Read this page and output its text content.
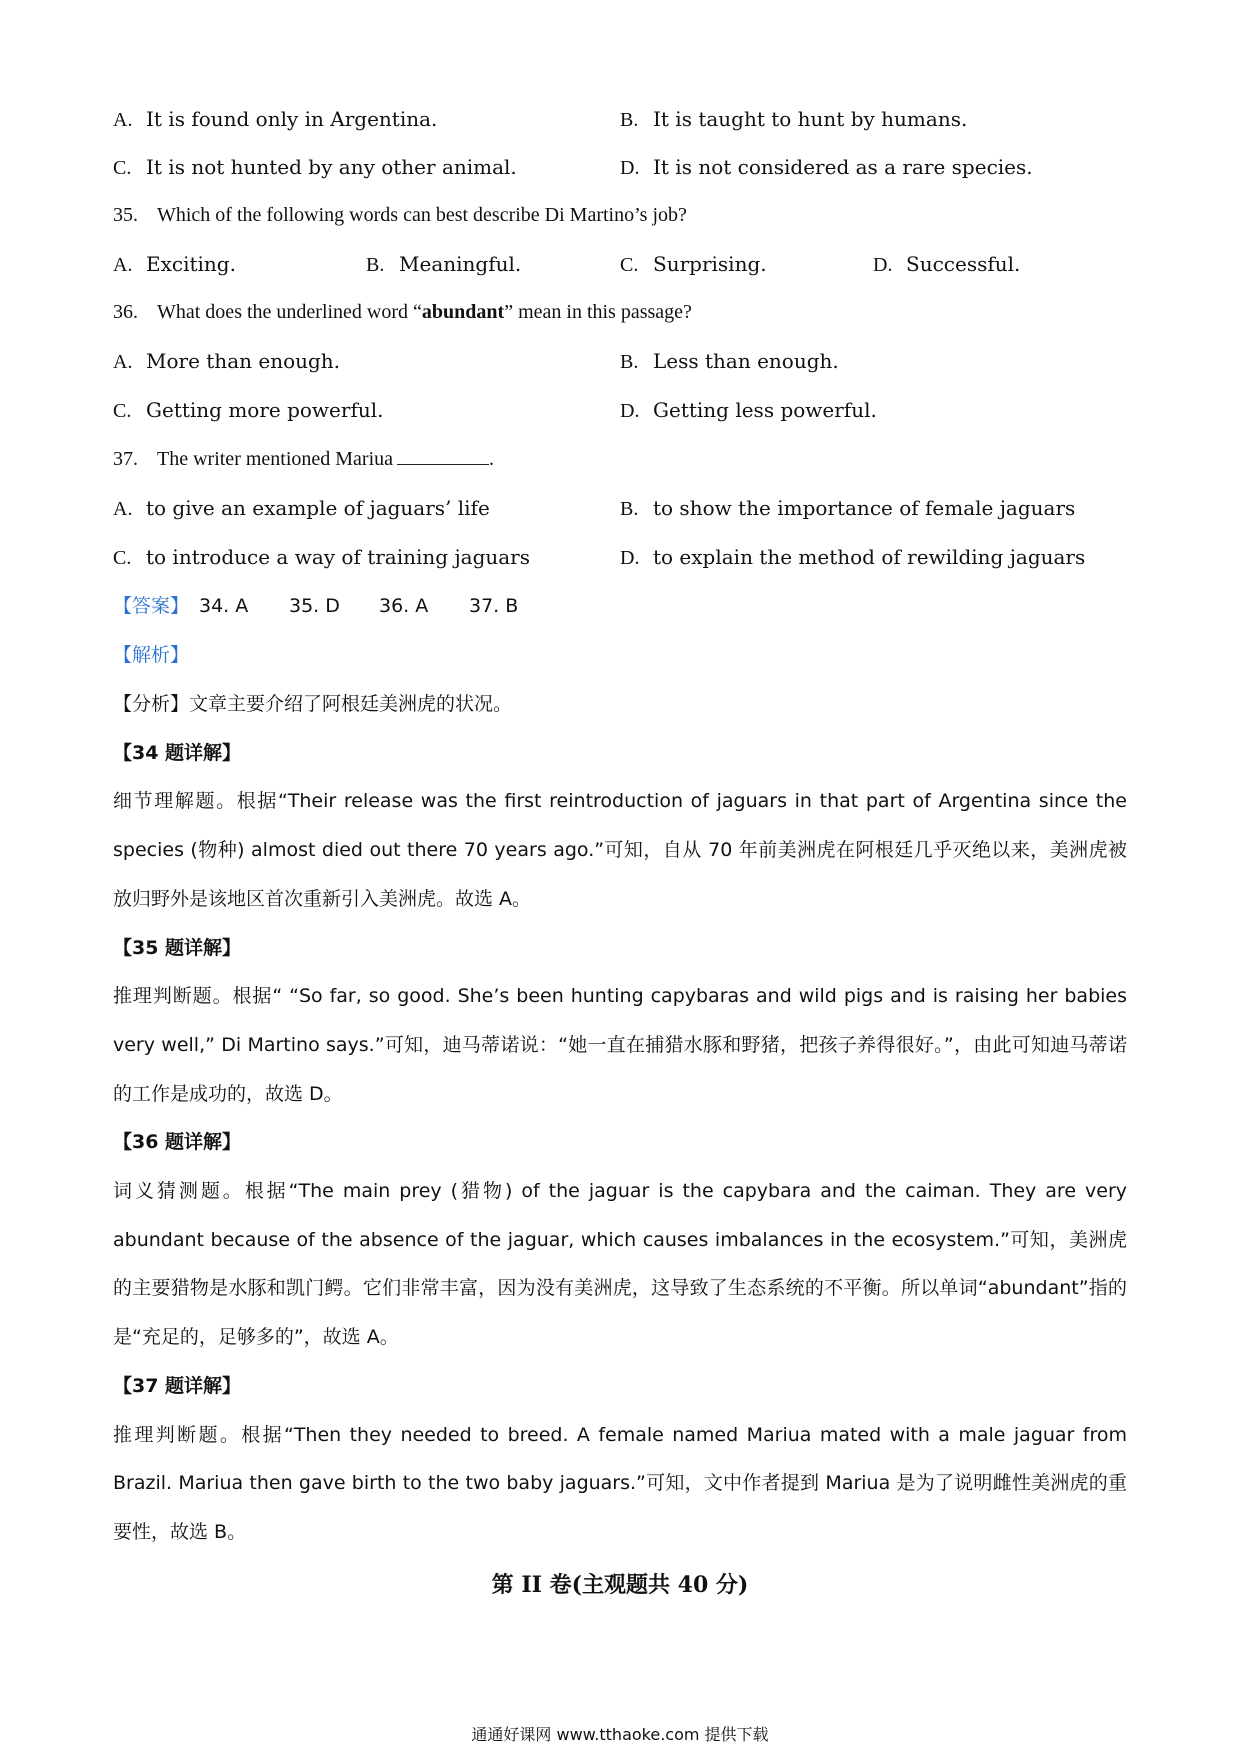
A. It is found only in Argentina.	B. It is taught to hunt by humans.
C. It is not hunted by any other animal.	D. It is not considered as a rare species.
35. Which of the following words can best describe Di Martino’s job?
A. Exciting.	B. Meaningful.	C. Surprising.	D. Successful.
36. What does the underlined word “abundant” mean in this passage?
A. More than enough.	B. Less than enough.
C. Getting more powerful.	D. Getting less powerful.
37. The writer mentioned Mariua	.
A. to give an example of jaguars’ life	B. to show the importance of female jaguars
C. to introduce a way of training jaguars	D. to explain the method of rewilding jaguars
【答案】 34. A 35. D 36. A 37. B
【解析】
【分析】文章主要介绍了阿根廷美洲虎的状况。
【34 题详解】
细节理解题。根据“Their release was the first reintroduction of jaguars in that part of Argentina since the species (物种) almost died out there 70 years ago.”可知，自从 70 年前美洲虎在阿根廷几乎灭绝以来，美洲虎被放归野外是该地区首次重新引入美洲虎。故选 A。
【35 题详解】
推理判断题。根据“ “So far, so good. She’s been hunting capybaras and wild pigs and is raising her babies very well,” Di Martino says.”可知，迪马蒂诺说：“她一直在捕猎水豚和野猪，把孩子养得很好。”，由此可知迪马蒂诺的工作是成功的，故选 D。
【36 题详解】
词义猜测题。根据“The main prey (猎物) of the jaguar is the capybara and the caiman. They are very abundant because of the absence of the jaguar, which causes imbalances in the ecosystem.”可知，美洲虎的主要猎物是水豚和凯门鳄。它们非常丰富，因为没有美洲虎，这导致了生态系统的不平衡。所以单词“abundant”指的是“充足的，足够多的”，故选 A。
【37 题详解】
推理判断题。根据“Then they needed to breed. A female named Mariua mated with a male jaguar from Brazil. Mariua then gave birth to the two baby jaguars.”可知，文中作者提到 Mariua 是为了说明雌性美洲虎的重要性，故选 B。
第 II 卷(主观题共 40 分)
通通好课网 www.tthaoke.com 提供下载
